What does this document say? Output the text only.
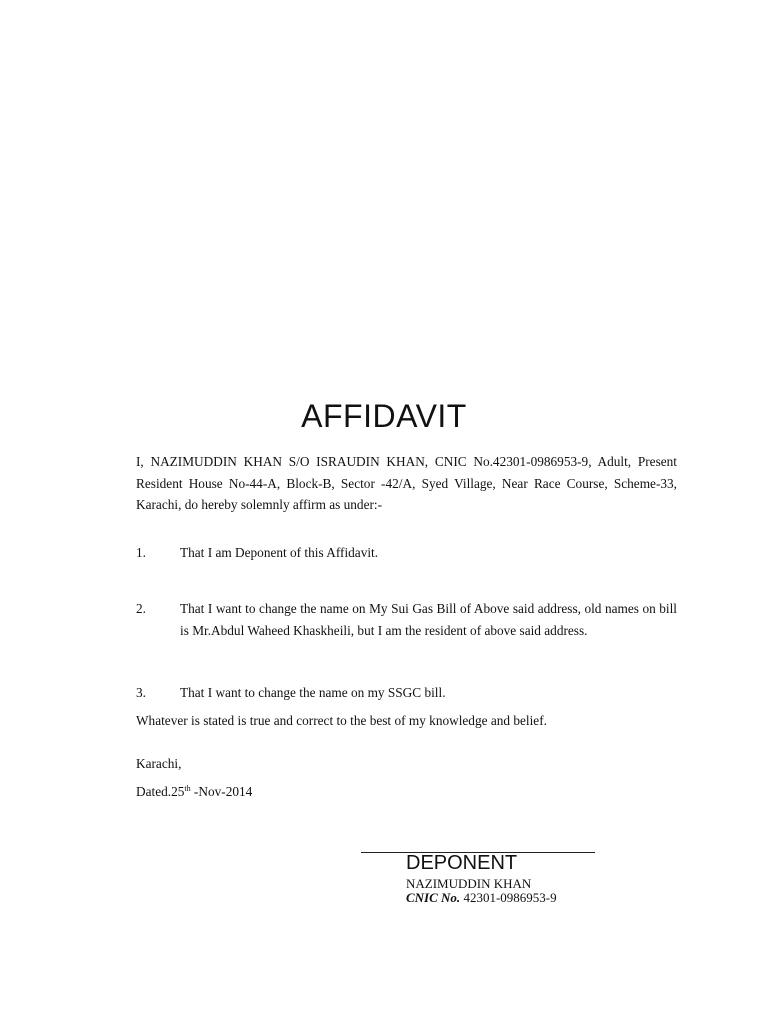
AFFIDAVIT

I, NAZIMUDDIN KHAN S/O ISRAUDIN KHAN, CNIC No.42301-0986953-9, Adult, Present Resident House No-44-A, Block-B, Sector -42/A, Syed Village, Near Race Course, Scheme-33, Karachi, do hereby solemnly affirm as under:-

1.	That I am Deponent of this Affidavit.
2.	That I want to change the name on My Sui Gas Bill of Above said address, old names on bill is Mr.Abdul Waheed Khaskheili, but I am the resident of above said address.
3.	That I want to change the name on my SSGC bill.
Whatever is stated is true and correct to the best of my knowledge and belief.
Karachi,
Dated.25th -Nov-2014
DEPONENT
NAZIMUDDIN KHAN
CNIC No. 42301-0986953-9
